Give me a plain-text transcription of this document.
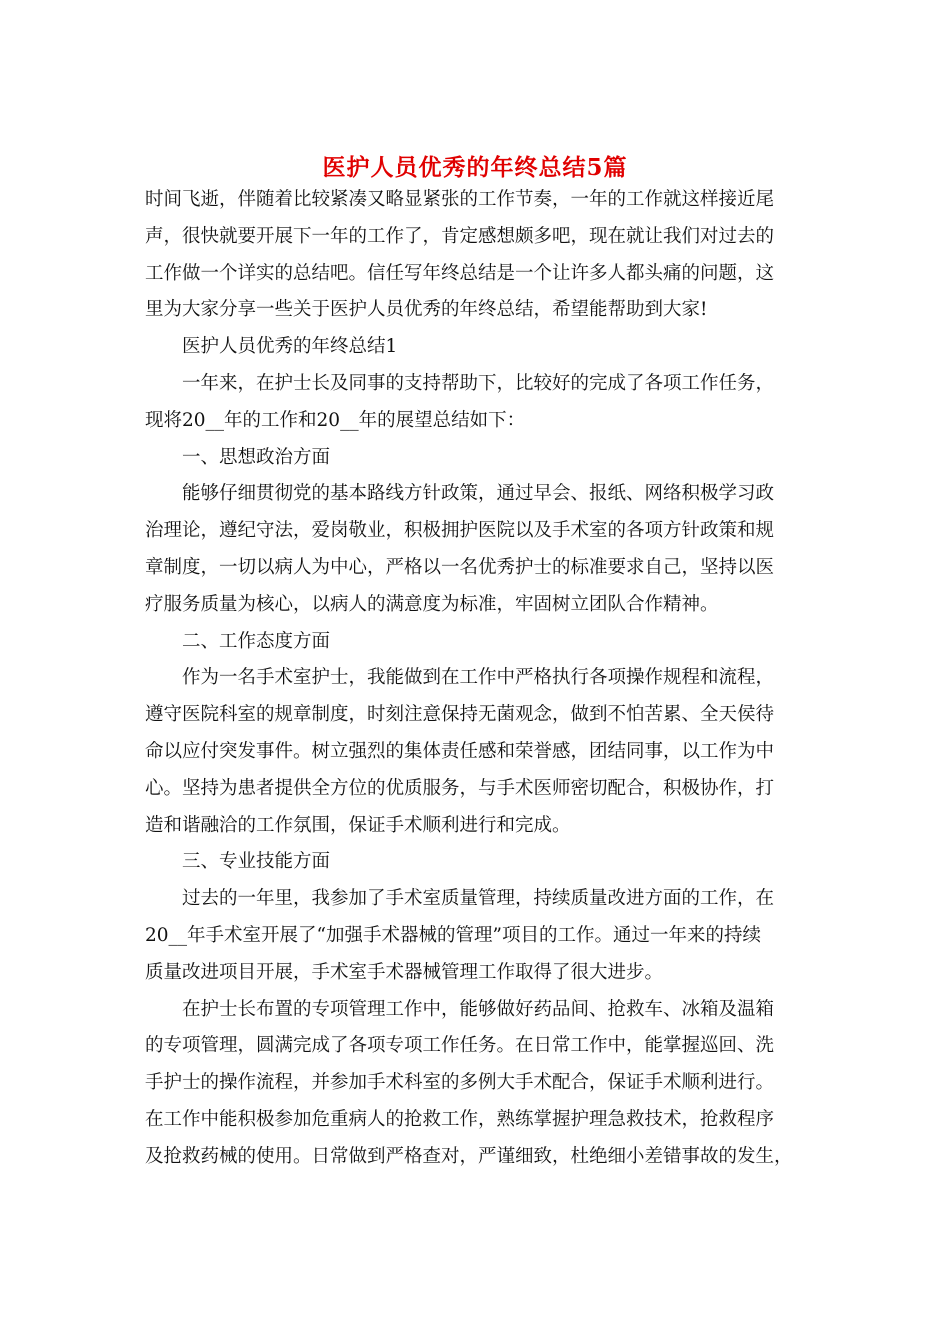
医护人员优秀的年终总结5篇
时间飞逝，伴随着比较紧凑又略显紧张的工作节奏，一年的工作就这样接近尾
声，很快就要开展下一年的工作了，肯定感想颇多吧，现在就让我们对过去的
工作做一个详实的总结吧。信任写年终总结是一个让许多人都头痛的问题，这
里为大家分享一些关于医护人员优秀的年终总结，希望能帮助到大家!
医护人员优秀的年终总结1
一年来，在护士长及同事的支持帮助下，比较好的完成了各项工作任务，
现将20__年的工作和20__年的展望总结如下：
一、思想政治方面
能够仔细贯彻党的基本路线方针政策，通过早会、报纸、网络积极学习政
治理论，遵纪守法，爱岗敬业，积极拥护医院以及手术室的各项方针政策和规
章制度，一切以病人为中心，严格以一名优秀护士的标准要求自己，坚持以医
疗服务质量为核心，以病人的满意度为标准，牢固树立团队合作精神。
二、工作态度方面
作为一名手术室护士，我能做到在工作中严格执行各项操作规程和流程，
遵守医院科室的规章制度，时刻注意保持无菌观念，做到不怕苦累、全天侯待
命以应付突发事件。树立强烈的集体责任感和荣誉感，团结同事，以工作为中
心。坚持为患者提供全方位的优质服务，与手术医师密切配合，积极协作，打
造和谐融洽的工作氛围，保证手术顺利进行和完成。
三、专业技能方面
过去的一年里，我参加了手术室质量管理，持续质量改进方面的工作，在
20__年手术室开展了“加强手术器械的管理”项目的工作。通过一年来的持续
质量改进项目开展，手术室手术器械管理工作取得了很大进步。
在护士长布置的专项管理工作中，能够做好药品间、抢救车、冰箱及温箱
的专项管理，圆满完成了各项专项工作任务。在日常工作中，能掌握巡回、洗
手护士的操作流程，并参加手术科室的多例大手术配合，保证手术顺利进行。
在工作中能积极参加危重病人的抢救工作，熟练掌握护理急救技术，抢救程序
及抢救药械的使用。日常做到严格查对，严谨细致，杜绝细小差错事故的发生，
